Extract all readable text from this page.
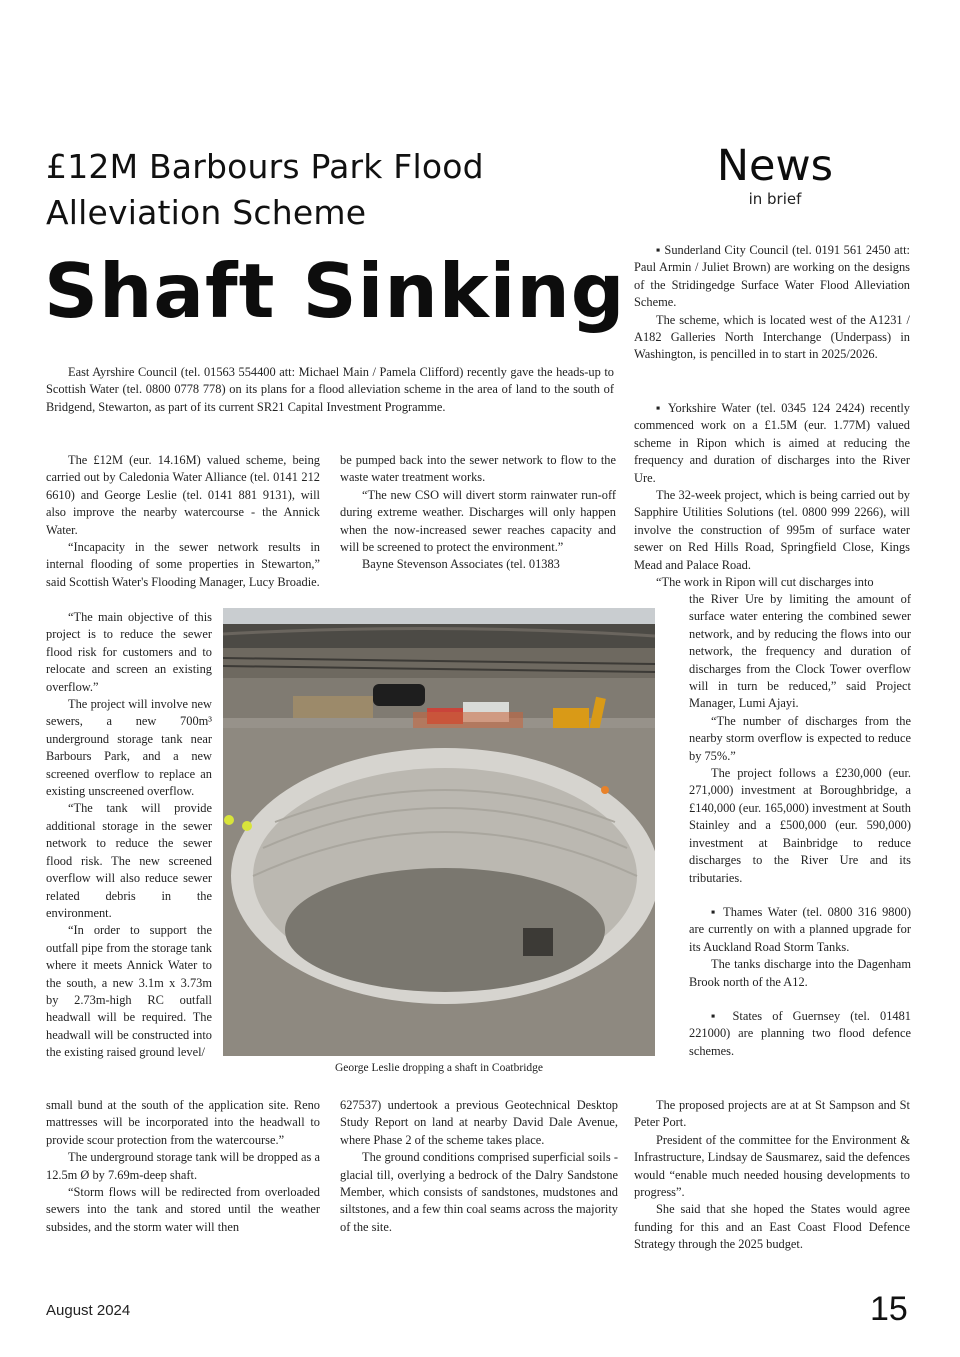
£12M Barbours Park Flood Alleviation Scheme
Shaft Sinking
News
in brief

East Ayrshire Council (tel. 01563 554400 att: Michael Main / Pamela Clifford) recently gave the heads-up to Scottish Water (tel. 0800 0778 778) on its plans for a flood alleviation scheme in the area of land to the south of Bridgend, Stewarton, as part of its current SR21 Capital Investment Programme.

The £12M (eur. 14.16M) valued scheme, being carried out by Caledonia Water Alliance (tel. 0141 212 6610) and George Leslie (tel. 0141 881 9131), will also improve the nearby watercourse - the Annick Water.

“Incapacity in the sewer network results in internal flooding of some properties in Stewarton,” said Scottish Water's Flooding Manager, Lucy Broadie.

“The main objective of this project is to reduce the sewer flood risk for customers and to relocate and screen an existing overflow.”

The project will involve new sewers, a new 700m³ underground storage tank near Barbours Park, and a new screened overflow to replace an existing unscreened overflow.

“The tank will provide additional storage in the sewer network to reduce the sewer flood risk. The new screened overflow will also reduce sewer related debris in the environment.

“In order to support the outfall pipe from the storage tank where it meets Annick Water to the south, a new 3.1m x 3.73m by 2.73m-high RC outfall headwall will be required. The headwall will be constructed into the existing raised ground level/

small bund at the south of the application site. Reno mattresses will be incorporated into the headwall to provide scour protection from the watercourse.”

The underground storage tank will be dropped as a 12.5m Ø by 7.69m-deep shaft.

“Storm flows will be redirected from overloaded sewers into the tank and stored until the weather subsides, and the storm water will then

be pumped back into the sewer network to flow to the waste water treatment works.

“The new CSO will divert storm rainwater run-off during extreme weather. Discharges will only happen when the now-increased sewer reaches capacity and will be screened to protect the environment.”

Bayne Stevenson Associates (tel. 01383

George Leslie dropping a shaft in Coatbridge

627537) undertook a previous Geotechnical Desktop Study Report on land at nearby David Dale Avenue, where Phase 2 of the scheme takes place.

The ground conditions comprised superficial soils - glacial till, overlying a bedrock of the Dalry Sandstone Member, which consists of sandstones, mudstones and siltstones, and a few thin coal seams across the majority of the site.

▪ Sunderland City Council (tel. 0191 561 2450 att: Paul Armin / Juliet Brown) are working on the designs of the Stridingedge Surface Water Flood Alleviation Scheme.

The scheme, which is located west of the A1231 / A182 Galleries North Interchange (Underpass) in Washington, is pencilled in to start in 2025/2026.

▪ Yorkshire Water (tel. 0345 124 2424) recently commenced work on a £1.5M (eur. 1.77M) valued scheme in Ripon which is aimed at reducing the frequency and duration of discharges into the River Ure.

The 32-week project, which is being carried out by Sapphire Utilities Solutions (tel. 0800 999 2266), will involve the construction of 995m of surface water sewer on Red Hills Road, Springfield Close, Kings Mead and Palace Road.

“The work in Ripon will cut discharges into

the River Ure by limiting the amount of surface water entering the combined sewer network, and by reducing the flows into our network, the frequency and duration of discharges from the Clock Tower overflow will in turn be reduced,” said Project Manager, Lumi Ajayi.

“The number of discharges from the nearby storm overflow is expected to reduce by 75%.”

The project follows a £230,000 (eur. 271,000) investment at Boroughbridge, a £140,000 (eur. 165,000) investment at South Stainley and a £500,000 (eur. 590,000) investment at Bainbridge to reduce discharges to the River Ure and its tributaries.

▪ Thames Water (tel. 0800 316 9800) are currently on with a planned upgrade for its Auckland Road Storm Tanks.

The tanks discharge into the Dagenham Brook north of the A12.

▪ States of Guernsey (tel. 01481 221000) are planning two flood defence schemes.

The proposed projects are at at St Sampson and St Peter Port.

President of the committee for the Environment & Infrastructure, Lindsay de Sausmarez, said the defences would “enable much needed housing developments to progress”.

She said that she hoped the States would agree funding for this and an East Coast Flood Defence Strategy through the 2025 budget.

August 2024	15
